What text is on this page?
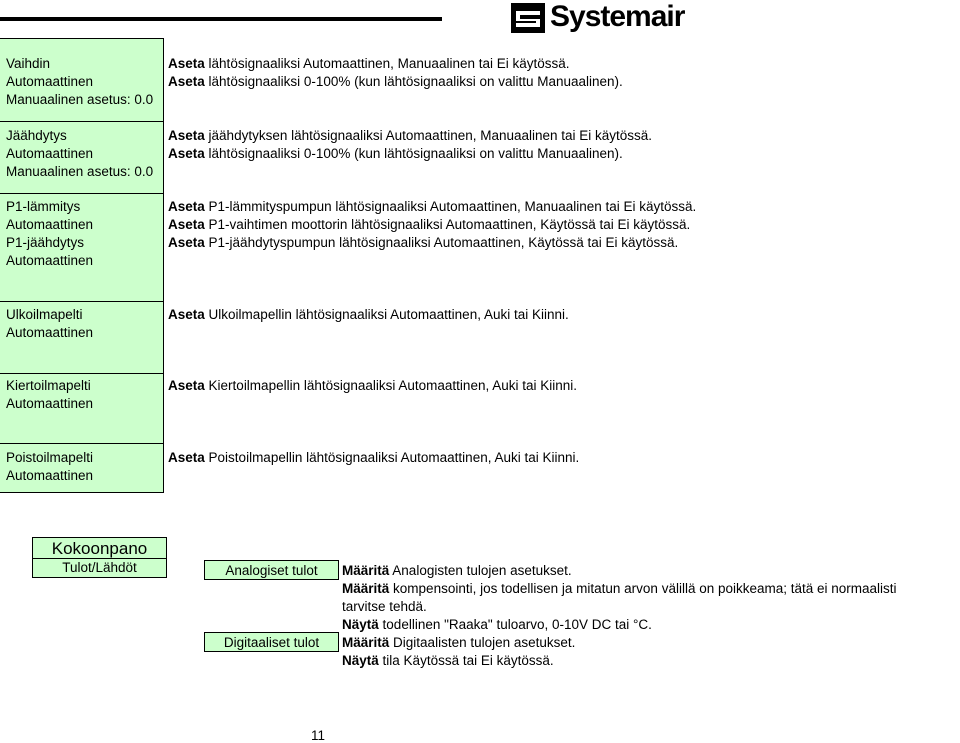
Systemair
Vaihdin
Automaattinen
Manuaalinen asetus: 0.0
Jäähdytys
Automaattinen
Manuaalinen asetus: 0.0
P1-lämmitys
Automaattinen
P1-jäähdytys
Automaattinen
Ulkoilmapelti
Automaattinen
Kiertoilmapelti
Automaattinen
Poistoilmapelti
Automaattinen
Aseta lähtösignaaliksi Automaattinen, Manuaalinen tai Ei käytössä.
Aseta lähtösignaaliksi 0-100% (kun lähtösignaaliksi on valittu Manuaalinen).
Aseta jäähdytyksen lähtösignaaliksi Automaattinen, Manuaalinen tai Ei käytössä.
Aseta lähtösignaaliksi 0-100% (kun lähtösignaaliksi on valittu Manuaalinen).
Aseta P1-lämmityspumpun lähtösignaaliksi Automaattinen, Manuaalinen tai Ei käytössä.
Aseta P1-vaihtimen moottorin lähtösignaaliksi Automaattinen, Käytössä tai Ei käytössä.
Aseta P1-jäähdytyspumpun lähtösignaaliksi Automaattinen, Käytössä tai Ei käytössä.
Aseta Ulkoilmapellin lähtösignaaliksi Automaattinen, Auki tai Kiinni.
Aseta Kiertoilmapellin lähtösignaaliksi Automaattinen, Auki tai Kiinni.
Aseta Poistoilmapellin lähtösignaaliksi Automaattinen, Auki tai Kiinni.
Kokoonpano
Tulot/Lähdöt	Analogiset tulot
Digitaaliset tulot
Määritä Analogisten tulojen asetukset.
Määritä kompensointi, jos todellisen ja mitatun arvon välillä on poikkeama; tätä ei normaalisti
tarvitse tehdä.
Näytä todellinen "Raaka" tuloarvo, 0-10V DC tai °C.
Määritä Digitaalisten tulojen asetukset.
Näytä tila Käytössä tai Ei käytössä.
11
